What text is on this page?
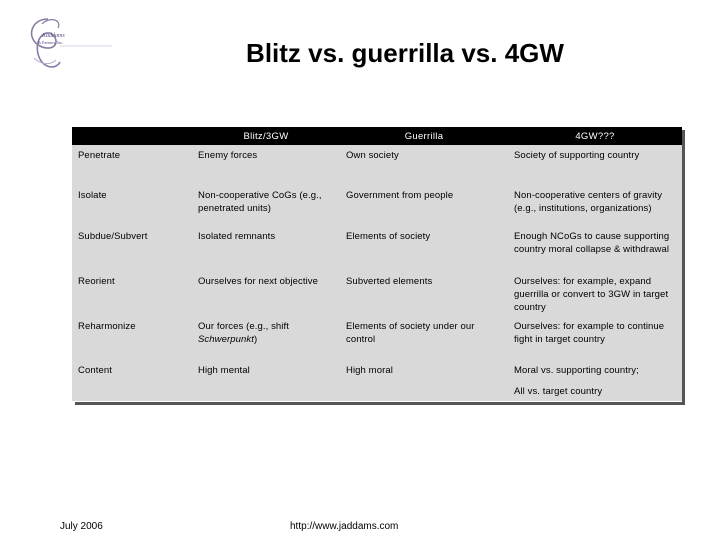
Kaddams
& Partners, Inc.	Blitz vs. guerrilla vs. 4GW
	Blitz/3GW	Guerrilla	4GW???
Penetrate	Enemy forces	Own society	Society of supporting country
Isolate	Non-cooperative CoGs (e.g., penetrated units)	Government from people	Non-cooperative centers of gravity (e.g., institutions, organizations)
Subdue/Subvert	Isolated remnants	Elements of society	Enough NCoGs to cause supporting country moral collapse & withdrawal
Reorient	Ourselves for next objective	Subverted elements	Ourselves: for example, expand guerrilla or convert to 3GW in target country
Reharmonize	Our forces (e.g., shift Schwerpunkt)	Elements of society under our control	Ourselves: for example to continue fight in target country
Content	High mental	High moral	Moral vs. supporting country;
All vs. target country
July 2006	http://www.jaddams.com
